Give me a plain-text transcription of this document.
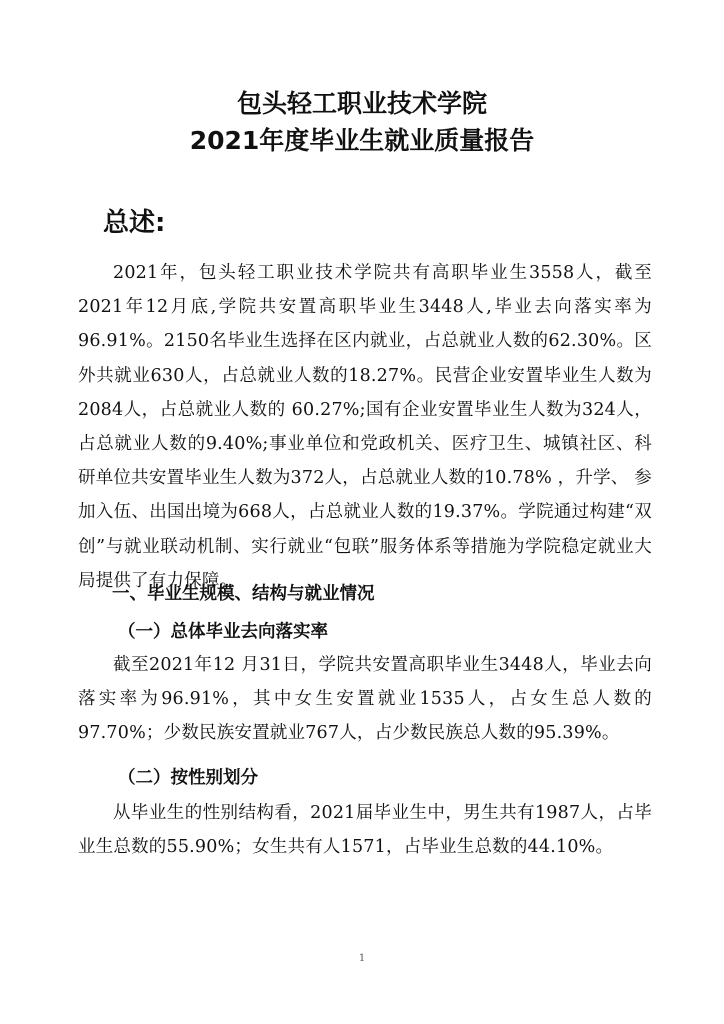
包头轻工职业技术学院
2021年度毕业生就业质量报告
总述:

2021年，包头轻工职业技术学院共有高职毕业生3558人，截至2021年12月底,学院共安置高职毕业生3448人,毕业去向落实率为96.91%。2150名毕业生选择在区内就业，占总就业人数的62.30%。区外共就业630人，占总就业人数的18.27%。民营企业安置毕业生人数为2084人，占总就业人数的 60.27%;国有企业安置毕业生人数为324人，占总就业人数的9.40%;事业单位和党政机关、医疗卫生、城镇社区、科研单位共安置毕业生人数为372人，占总就业人数的10.78% ，升学、 参加入伍、出国出境为668人，占总就业人数的19.37%。学院通过构建“双创”与就业联动机制、实行就业“包联”服务体系等措施为学院稳定就业大局提供了有力保障。

一、毕业生规模、结构与就业情况
（一）总体毕业去向落实率

截至2021年12 月31日，学院共安置高职毕业生3448人，毕业去向落实率为96.91%，其中女生安置就业1535人，占女生总人数的97.70%；少数民族安置就业767人，占少数民族总人数的95.39%。

（二）按性别划分

从毕业生的性别结构看，2021届毕业生中，男生共有1987人，占毕业生总数的55.90%；女生共有人1571，占毕业生总数的44.10%。

1
